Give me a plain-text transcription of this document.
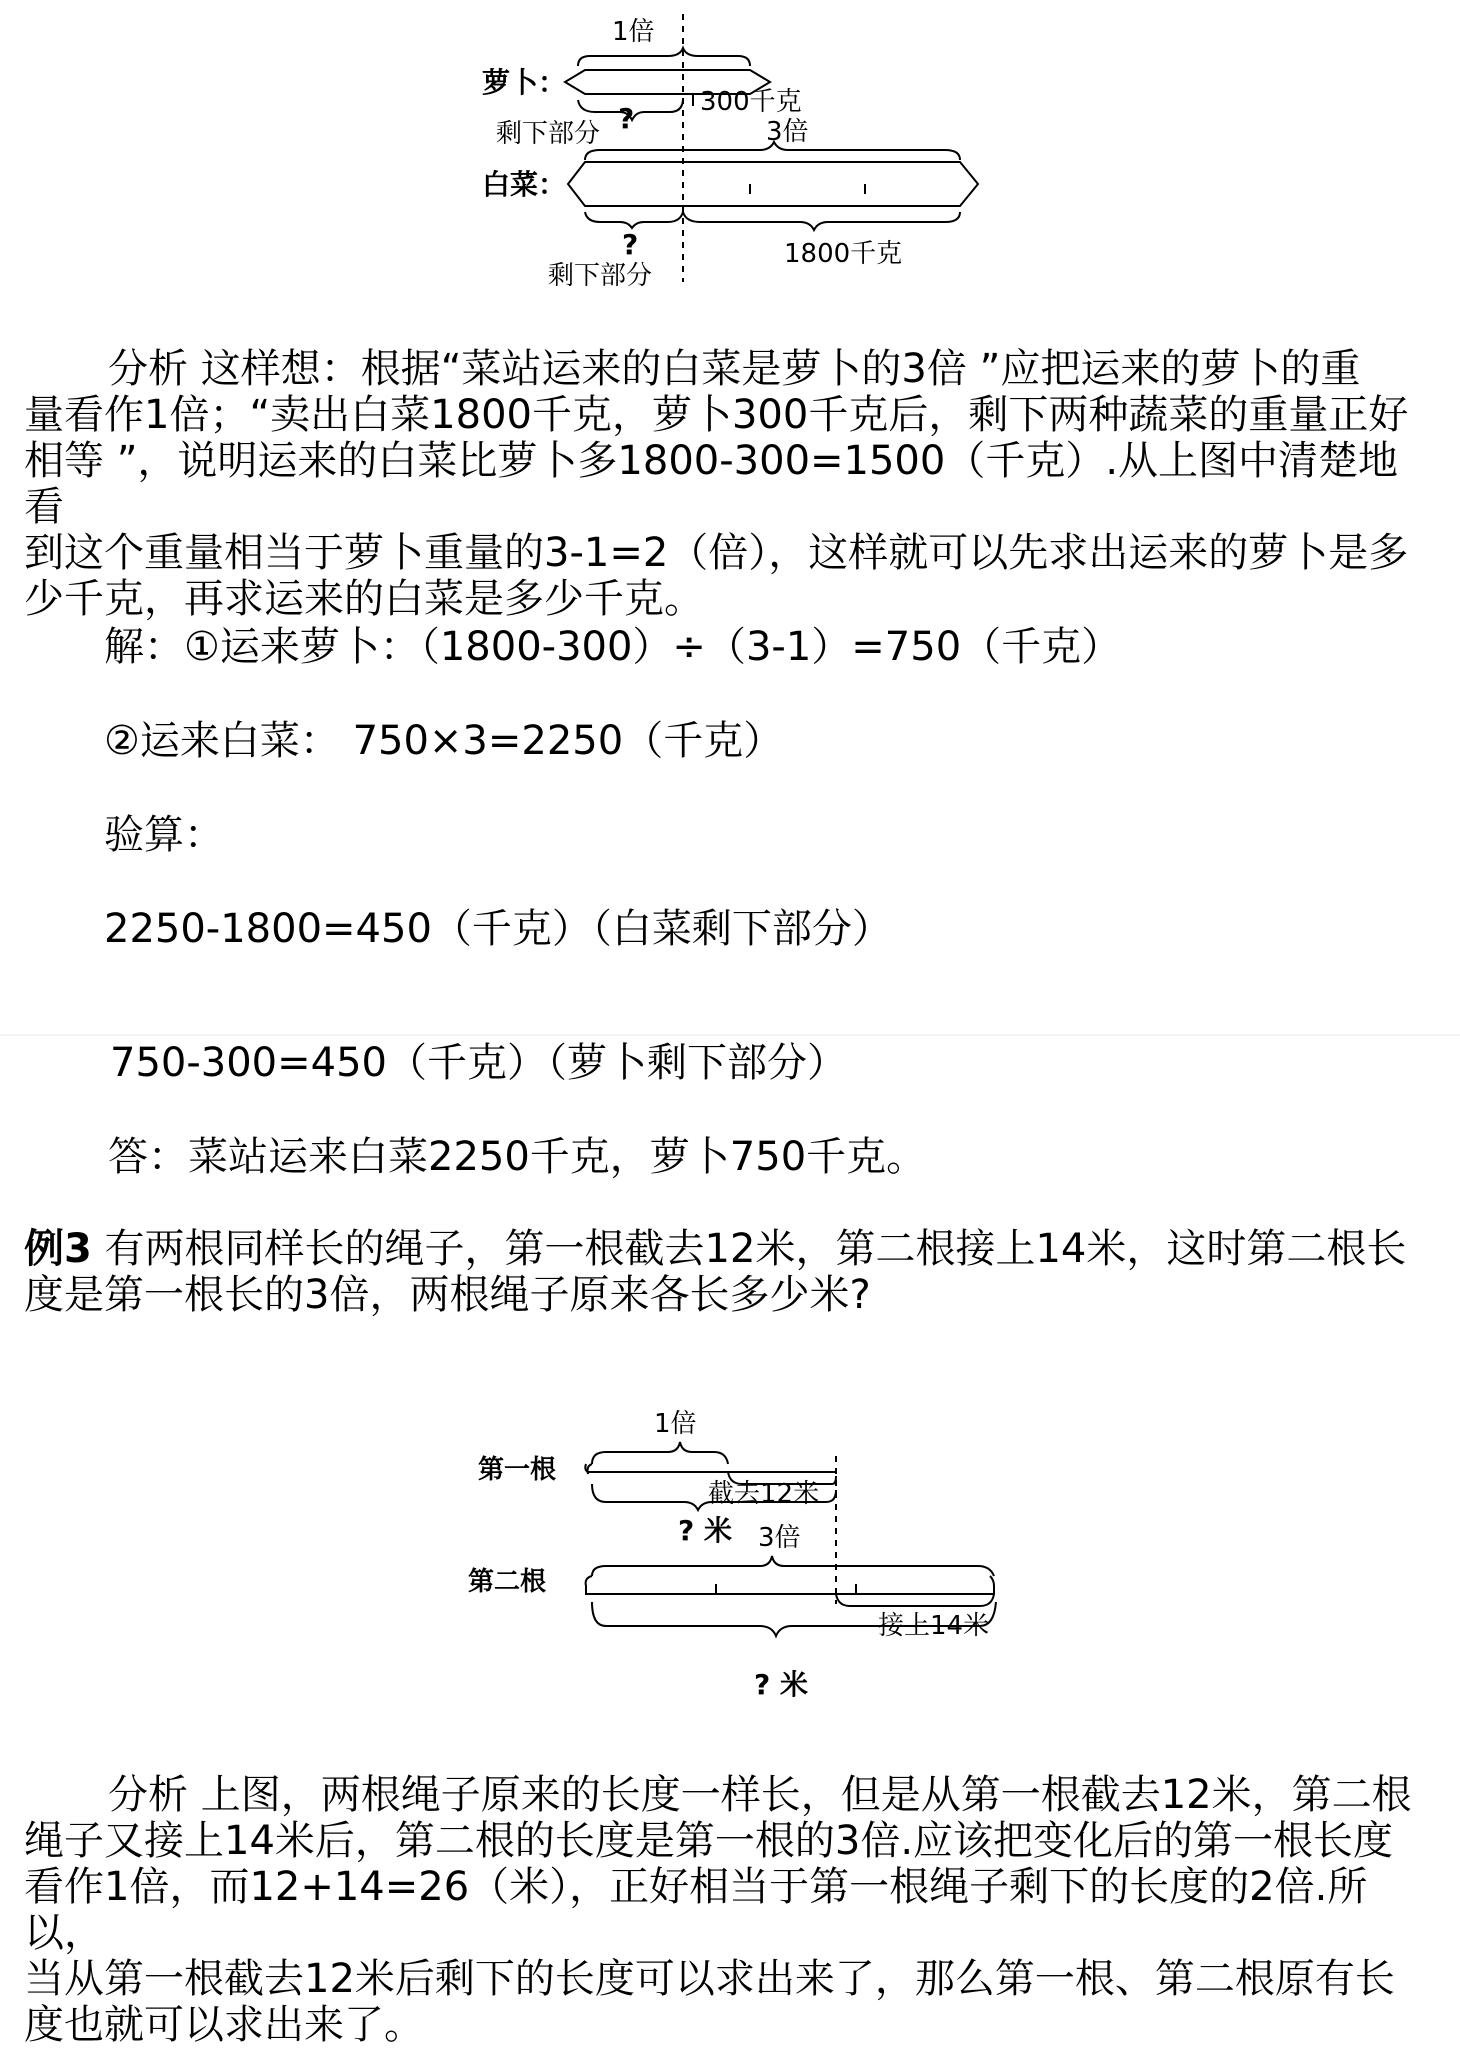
1倍
萝卜：
300千克
剩下部分 ?	3倍
白菜：
?
剩下部分
1800千克
分析 这样想：根据“菜站运来的白菜是萝卜的3倍 ”应把运来的萝卜的重
量看作1倍；“卖出白菜1800千克，萝卜300千克后，剩下两种蔬菜的重量正好
相等 ”，说明运来的白菜比萝卜多1800-300=1500（千克）.从上图中清楚地看
到这个重量相当于萝卜重量的3-1=2（倍），这样就可以先求出运来的萝卜是多
少千克，再求运来的白菜是多少千克。
解：①运来萝卜：（1800-300）÷（3-1）=750（千克）
②运来白菜： 750×3=2250（千克）
验算：
2250-1800=450（千克）（白菜剩下部分）
750-300=450（千克）（萝卜剩下部分）
答：菜站运来白菜2250千克，萝卜750千克。
例3 有两根同样长的绳子，第一根截去12米，第二根接上14米，这时第二根长
度是第一根长的3倍，两根绳子原来各长多少米?
1倍
第一根
截去12米
? 米 3倍
第二根
接上14米
? 米
分析 上图，两根绳子原来的长度一样长，但是从第一根截去12米，第二根
绳子又接上14米后，第二根的长度是第一根的3倍.应该把变化后的第一根长度
看作1倍，而12+14=26（米），正好相当于第一根绳子剩下的长度的2倍.所以，
当从第一根截去12米后剩下的长度可以求出来了，那么第一根、第二根原有长
度也就可以求出来了。
